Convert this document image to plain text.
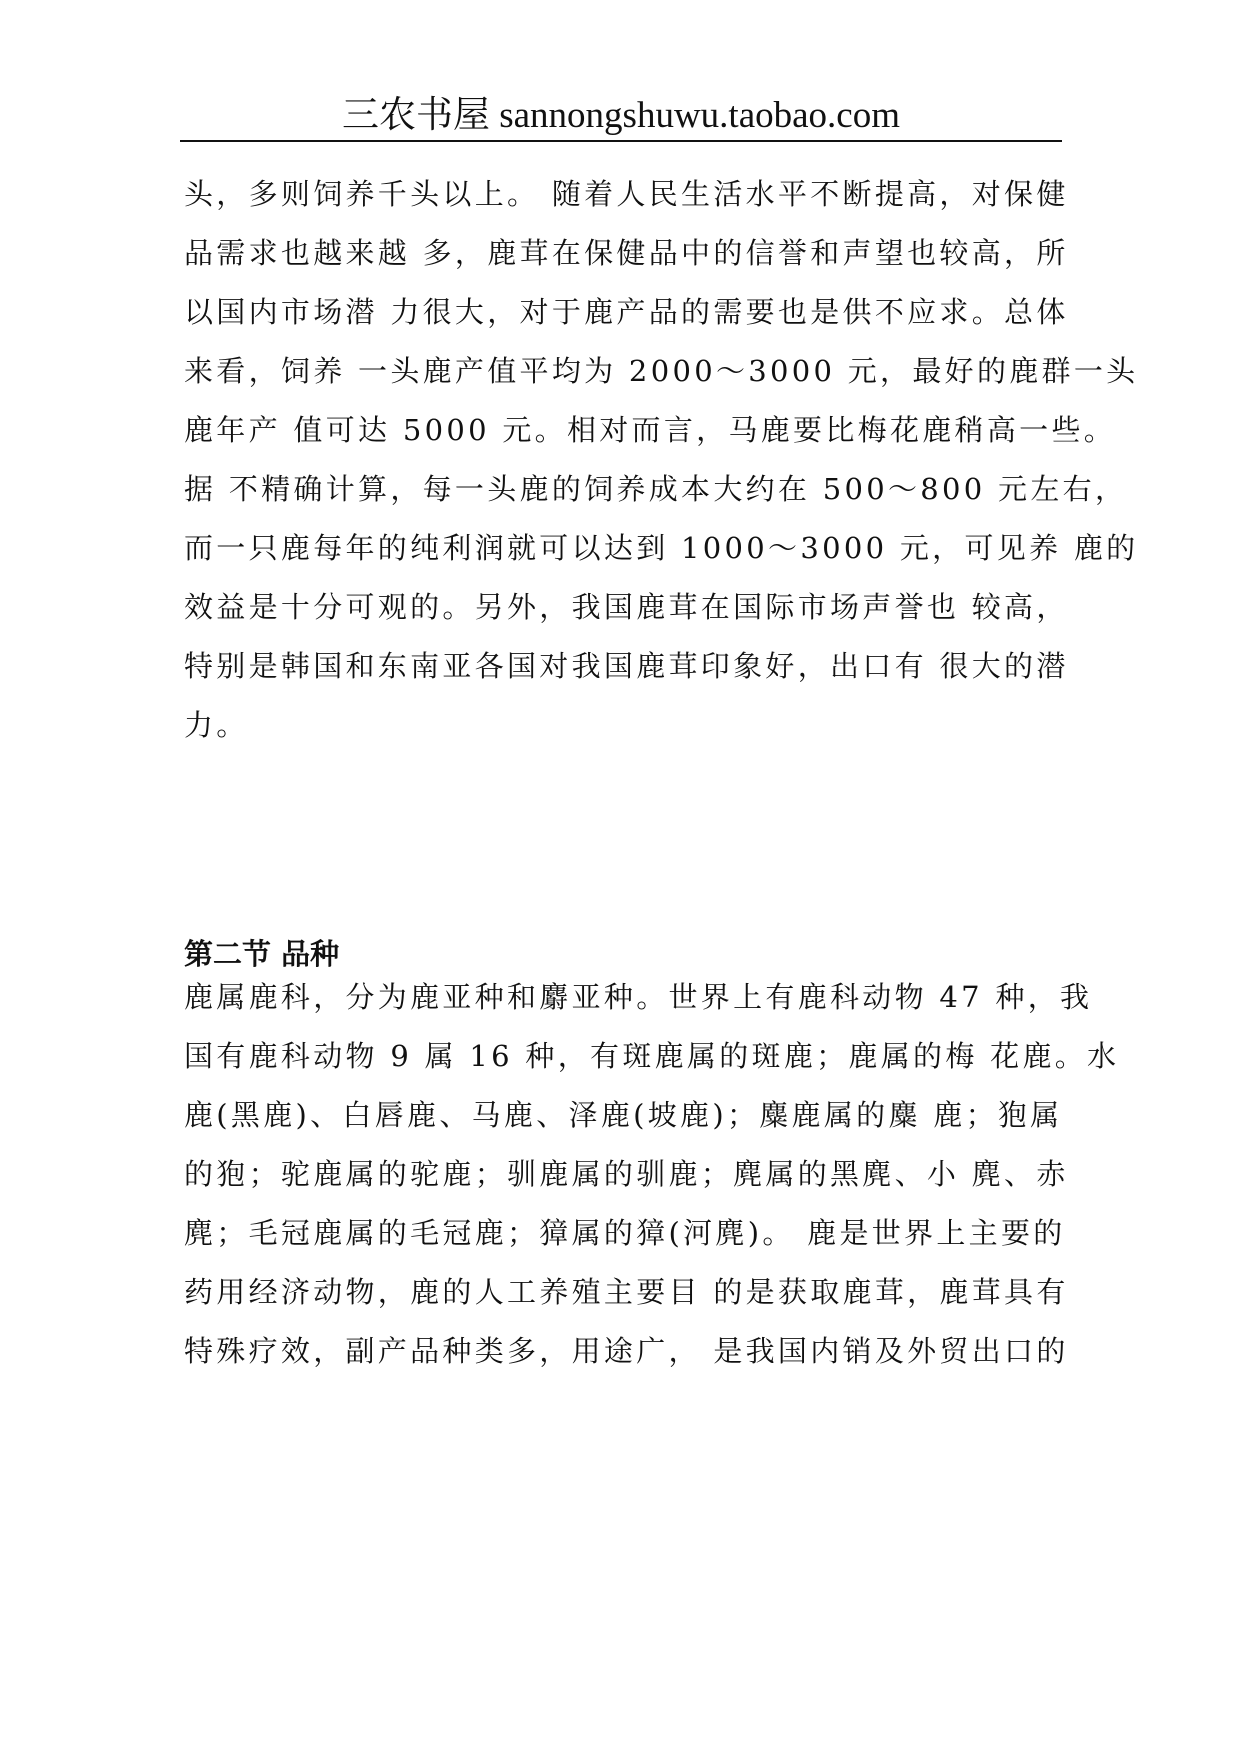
三农书屋 sannongshuwu.taobao.com
头，多则饲养千头以上。 随着人民生活水平不断提高，对保健
品需求也越来越 多，鹿茸在保健品中的信誉和声望也较高，所
以国内市场潜 力很大，对于鹿产品的需要也是供不应求。总体
来看，饲养 一头鹿产值平均为 2000～3000 元，最好的鹿群一头
鹿年产 值可达 5000 元。相对而言，马鹿要比梅花鹿稍高一些。
据 不精确计算，每一头鹿的饲养成本大约在 500～800 元左右，
而一只鹿每年的纯利润就可以达到 1000～3000 元，可见养 鹿的
效益是十分可观的。另外，我国鹿茸在国际市场声誉也 较高，
特别是韩国和东南亚各国对我国鹿茸印象好，出口有 很大的潜
力。
第二节 品种
鹿属鹿科，分为鹿亚种和麝亚种。世界上有鹿科动物 47 种，我
国有鹿科动物 9 属 16 种，有斑鹿属的斑鹿；鹿属的梅 花鹿。水
鹿(黑鹿)、白唇鹿、马鹿、泽鹿(坡鹿)；麋鹿属的麋 鹿；狍属
的狍；驼鹿属的驼鹿；驯鹿属的驯鹿；麂属的黑麂、小 麂、赤
麂；毛冠鹿属的毛冠鹿；獐属的獐(河麂)。 鹿是世界上主要的
药用经济动物，鹿的人工养殖主要目 的是获取鹿茸，鹿茸具有
特殊疗效，副产品种类多，用途广， 是我国内销及外贸出口的
